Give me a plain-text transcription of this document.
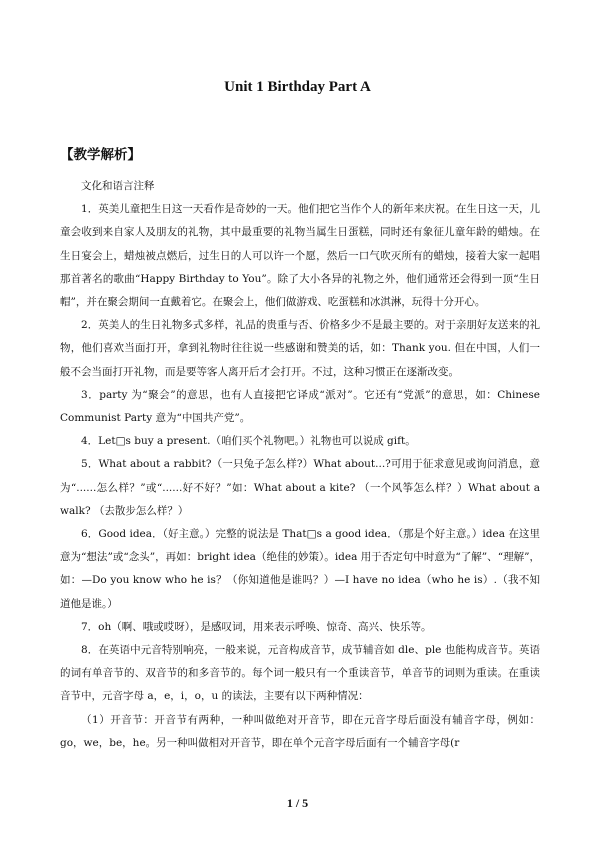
Unit 1 Birthday Part A
【教学解析】

文化和语言注释

1．英美儿童把生日这一天看作是奇妙的一天。他们把它当作个人的新年来庆祝。在生日这一天，儿童会收到来自家人及朋友的礼物，其中最重要的礼物当属生日蛋糕，同时还有象征儿童年龄的蜡烛。在生日宴会上，蜡烛被点燃后，过生日的人可以许一个愿，然后一口气吹灭所有的蜡烛，接着大家一起唱那首著名的歌曲“Happy Birthday to You”。除了大小各异的礼物之外，他们通常还会得到一顶“生日帽”，并在聚会期间一直戴着它。在聚会上，他们做游戏、吃蛋糕和冰淇淋，玩得十分开心。

2．英美人的生日礼物多式多样，礼品的贵重与否、价格多少不是最主要的。对于亲朋好友送来的礼物，他们喜欢当面打开，拿到礼物时往往说一些感谢和赞美的话，如：Thank you. 但在中国，人们一般不会当面打开礼物，而是要等客人离开后才会打开。不过，这种习惯正在逐渐改变。

3．party 为“聚会”的意思，也有人直接把它译成“派对”。它还有“党派”的意思，如：Chinese Communist Party 意为“中国共产党”。

4．Let□s buy a present.（咱们买个礼物吧。）礼物也可以说成 gift。

5．What about a rabbit?（一只兔子怎么样?）What about...?可用于征求意见或询问消息，意为“......怎么样？”或“......好不好？”如：What about a kite? （一个风筝怎么样？）What about a walk? （去散步怎么样？）

6．Good idea．（好主意。）完整的说法是 That□s a good idea．（那是个好主意。）idea 在这里意为“想法”或“念头”，再如：bright idea（绝佳的妙策）。idea 用于否定句中时意为“了解”、“理解”，如：—Do you know who he is？（你知道他是谁吗？）—I have no idea（who he is）.（我不知道他是谁。）

7．oh（啊、哦或哎呀），是感叹词，用来表示呼唤、惊奇、高兴、快乐等。

8．在英语中元音特别响亮，一般来说，元音构成音节，成节辅音如 dle、ple 也能构成音节。英语的词有单音节的、双音节的和多音节的。每个词一般只有一个重读音节，单音节的词则为重读。在重读音节中，元音字母 a，e，i，o，u 的读法，主要有以下两种情况：

（1）开音节：开音节有两种，一种叫做绝对开音节，即在元音字母后面没有辅音字母，例如：go，we，be，he。另一种叫做相对开音节，即在单个元音字母后面有一个辅音字母(r

1 / 5
